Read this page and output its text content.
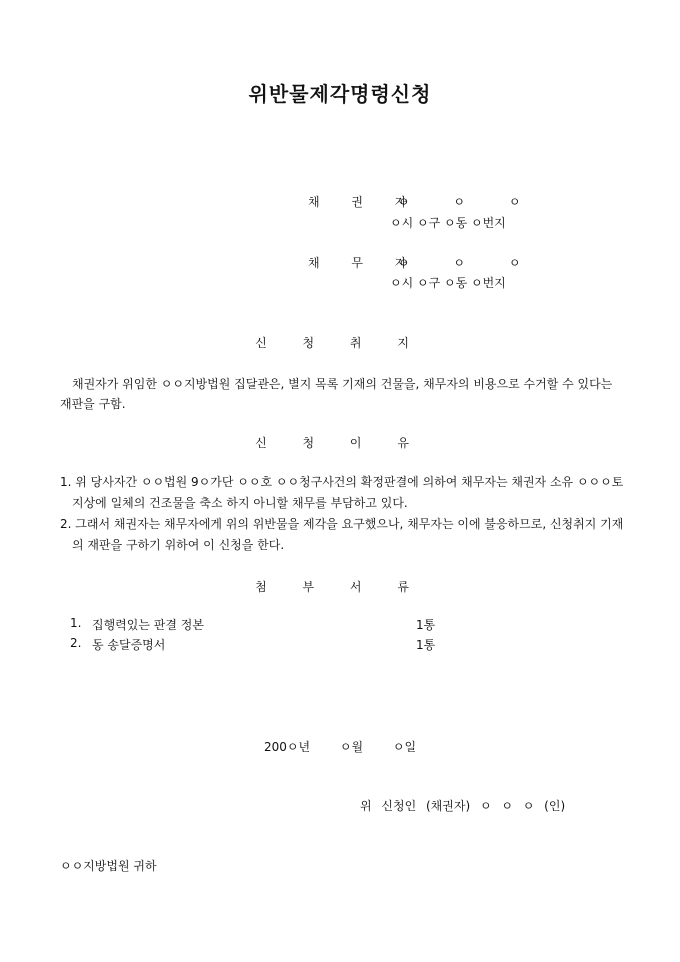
위반물제각명령신청
채 권 자
ㅇ ㅇ ㅇ
ㅇ시 ㅇ구 ㅇ동 ㅇ번지
채 무 자
ㅇ ㅇ ㅇ
ㅇ시 ㅇ구 ㅇ동 ㅇ번지
신 청 취 지
채권자가 위임한 ㅇㅇ지방법원 집달관은, 별지 목록 기재의 건물을, 채무자의 비용으로 수거할 수 있다는 재판을 구함.
신 청 이 유
1. 위 당사자간 ㅇㅇ법원 9ㅇ가단 ㅇㅇ호 ㅇㅇ청구사건의 확정판결에 의하여 채무자는 채권자 소유 ㅇㅇㅇ토지상에 일체의 건조물을 축소 하지 아니할 채무를 부담하고 있다.
2. 그래서 채권자는 채무자에게 위의 위반물을 제각을 요구했으나, 채무자는 이에 불응하므로, 신청취지 기재의 재판을 구하기 위하여 이 신청을 한다.
첨 부 서 류
1. 집행력있는 판결 정본	1통
2. 동 송달증명서	1통
200ㅇ년 ㅇ월 ㅇ일
위 신청인 (채권자) ㅇ ㅇ ㅇ (인)
ㅇㅇ지방법원 귀하
